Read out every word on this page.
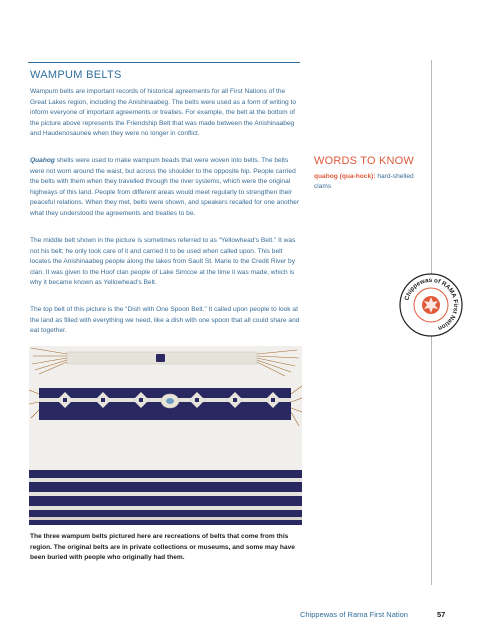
WAMPUM BELTS
Wampum belts are important records of historical agreements for all First Nations of the Great Lakes region, including the Anishinaabeg. The belts were used as a form of writing to inform everyone of important agreements or treaties. For example, the belt at the bottom of the picture above represents the Friendship Belt that was made between the Anishinaabeg and Haudenosaunee when they were no longer in conflict.
Quahog shells were used to make wampum beads that were woven into belts. The belts were not worn around the waist, but across the shoulder to the opposite hip. People carried the belts with them when they travelled through the river systems, which were the original highways of this land. People from different areas would meet regularly to strengthen their peaceful relations. When they met, belts were shown, and speakers recalled for one another what they understood the agreements and treaties to be.
The middle belt shown in the picture is sometimes referred to as “Yellowhead’s Belt.” It was not his belt; he only took care of it and carried it to be used when called upon. This belt locates the Anishinaabeg people along the lakes from Sault St. Marie to the Credit River by clan. It was given to the Hoof clan people of Lake Simcoe at the time it was made, which is why it became known as Yellowhead’s Belt.
The top belt of this picture is the “Dish with One Spoon Belt.” It called upon people to look at the land as filled with everything we need, like a dish with one spoon that all could share and eat together.
WORDS TO KNOW
quahog (qua-hock): hard-shelled clams
Chippewas of RAMA First Nation
The three wampum belts pictured here are recreations of belts that come from this region. The original belts are in private collections or museums, and some may have been buried with people who originally had them.
Chippewas of Rama First Nation	57
